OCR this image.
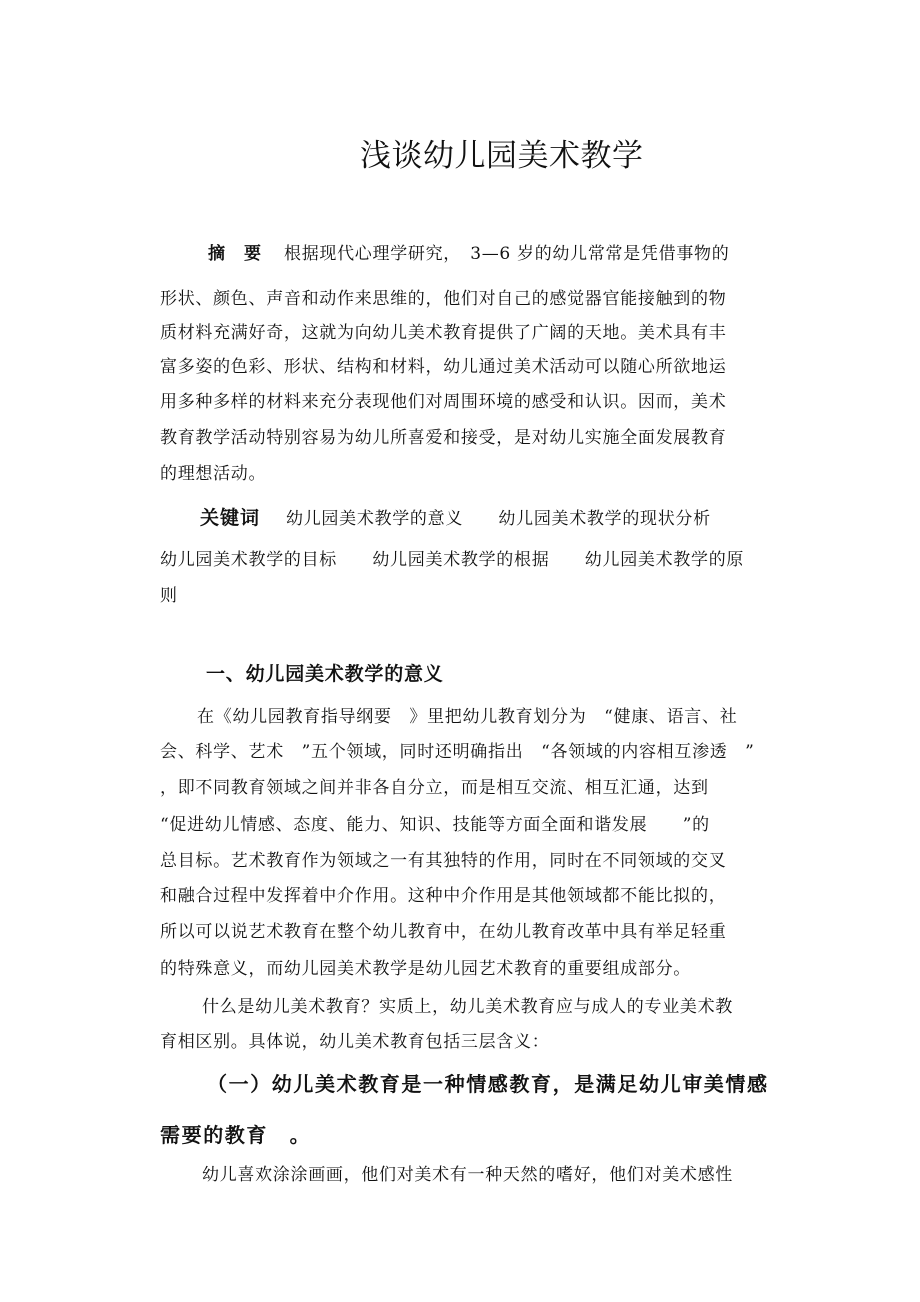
浅谈幼儿园美术教学
摘　要 根据现代心理学研究，　3—6 岁的幼儿常常是凭借事物的
形状、颜色、声音和动作来思维的，他们对自己的感觉器官能接触到的物
质材料充满好奇，这就为向幼儿美术教育提供了广阔的天地。美术具有丰
富多姿的色彩、形状、结构和材料，幼儿通过美术活动可以随心所欲地运
用多种多样的材料来充分表现他们对周围环境的感受和认识。因而，美术
教育教学活动特别容易为幼儿所喜爱和接受，是对幼儿实施全面发展教育
的理想活动。
关键词 幼儿园美术教学的意义　　幼儿园美术教学的现状分析
幼儿园美术教学的目标　　幼儿园美术教学的根据　　幼儿园美术教学的原
则
一、幼儿园美术教学的意义
在《幼儿园教育指导纲要　》里把幼儿教育划分为　“健康、语言、社
会、科学、艺术　”五个领域，同时还明确指出　“各领域的内容相互渗透　”
，即不同教育领域之间并非各自分立，而是相互交流、相互汇通，达到
“促进幼儿情感、态度、能力、知识、技能等方面全面和谐发展　　”的
总目标。艺术教育作为领域之一有其独特的作用，同时在不同领域的交叉
和融合过程中发挥着中介作用。这种中介作用是其他领域都不能比拟的，
所以可以说艺术教育在整个幼儿教育中，在幼儿教育改革中具有举足轻重
的特殊意义，而幼儿园美术教学是幼儿园艺术教育的重要组成部分。
什么是幼儿美术教育？实质上，幼儿美术教育应与成人的专业美术教
育相区别。具体说，幼儿美术教育包括三层含义：
（一）幼儿美术教育是一种情感教育，是满足幼儿审美情感
需要的教育　。
幼儿喜欢涂涂画画，他们对美术有一种天然的嗜好，他们对美术感性
